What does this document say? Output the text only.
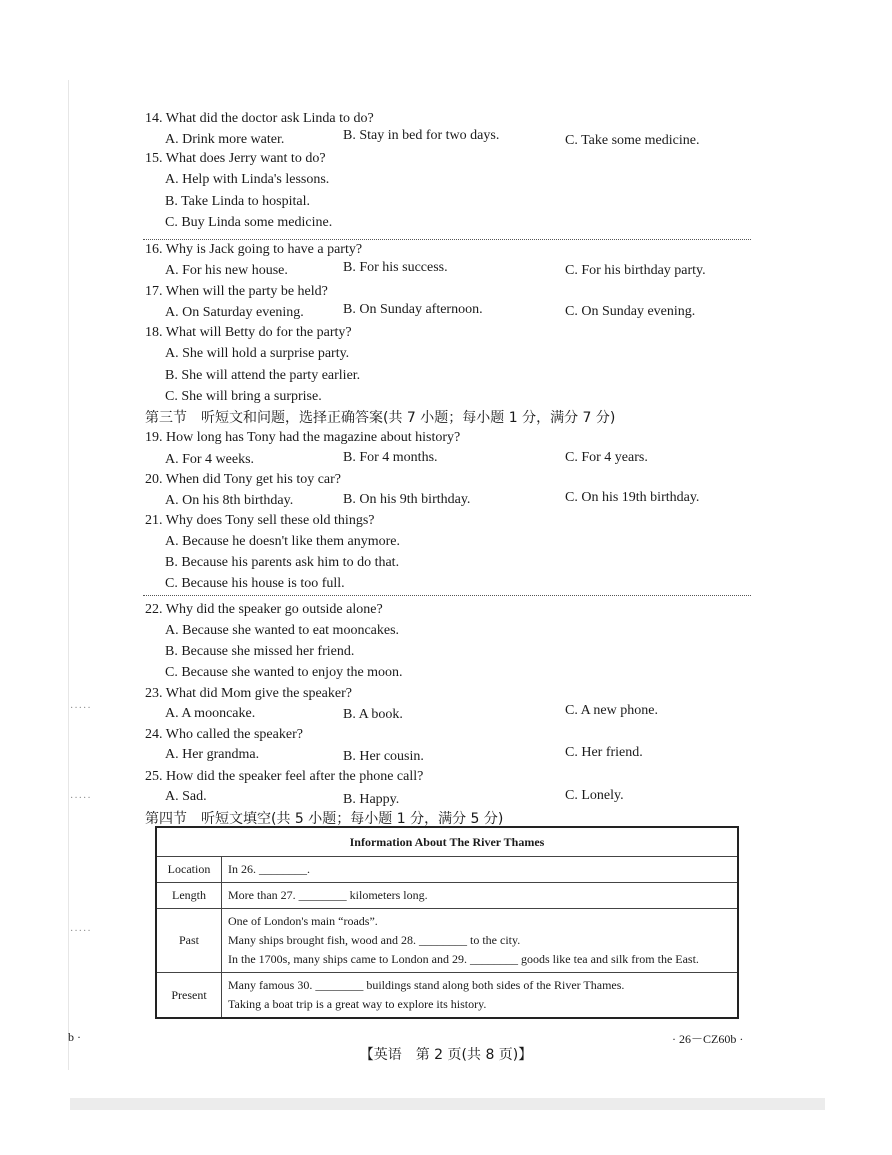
14. What did the doctor ask Linda to do?
A. Drink more water.	B. Stay in bed for two days.	C. Take some medicine.
15. What does Jerry want to do?
A. Help with Linda's lessons.
B. Take Linda to hospital.
C. Buy Linda some medicine.
16. Why is Jack going to have a party?
A. For his new house.	B. For his success.	C. For his birthday party.
17. When will the party be held?
A. On Saturday evening.	B. On Sunday afternoon.	C. On Sunday evening.
18. What will Betty do for the party?
A. She will hold a surprise party.
B. She will attend the party earlier.
C. She will bring a surprise.
第三节　听短文和问题，选择正确答案(共 7 小题；每小题 1 分，满分 7 分)
19. How long has Tony had the magazine about history?
A. For 4 weeks.	B. For 4 months.	C. For 4 years.
20. When did Tony get his toy car?
A. On his 8th birthday.	B. On his 9th birthday.	C. On his 19th birthday.
21. Why does Tony sell these old things?
A. Because he doesn't like them anymore.
B. Because his parents ask him to do that.
C. Because his house is too full.
22. Why did the speaker go outside alone?
A. Because she wanted to eat mooncakes.
B. Because she missed her friend.
C. Because she wanted to enjoy the moon.
23. What did Mom give the speaker?
A. A mooncake.	B. A book.	C. A new phone.
24. Who called the speaker?
A. Her grandma.	B. Her cousin.	C. Her friend.
25. How did the speaker feel after the phone call?
A. Sad.	B. Happy.	C. Lonely.
第四节　听短文填空(共 5 小题；每小题 1 分，满分 5 分)
Information About The River Thames	
Location	In 26. ________.

Length	More than 27. ________ kilometers long.

Past	One of London's main “roads”.
Many ships brought fish, wood and 28. ________ to the city.
In the 1700s, many ships came to London and 29. ________ goods like tea and silk from the East.

Present	Many famous 30. ________ buildings stand along both sides of the River Thames.
Taking a boat trip is a great way to explore its history.
·····
·····
·····
b ·	· 26－CZ60b ·
【英语　第 2 页(共 8 页)】
